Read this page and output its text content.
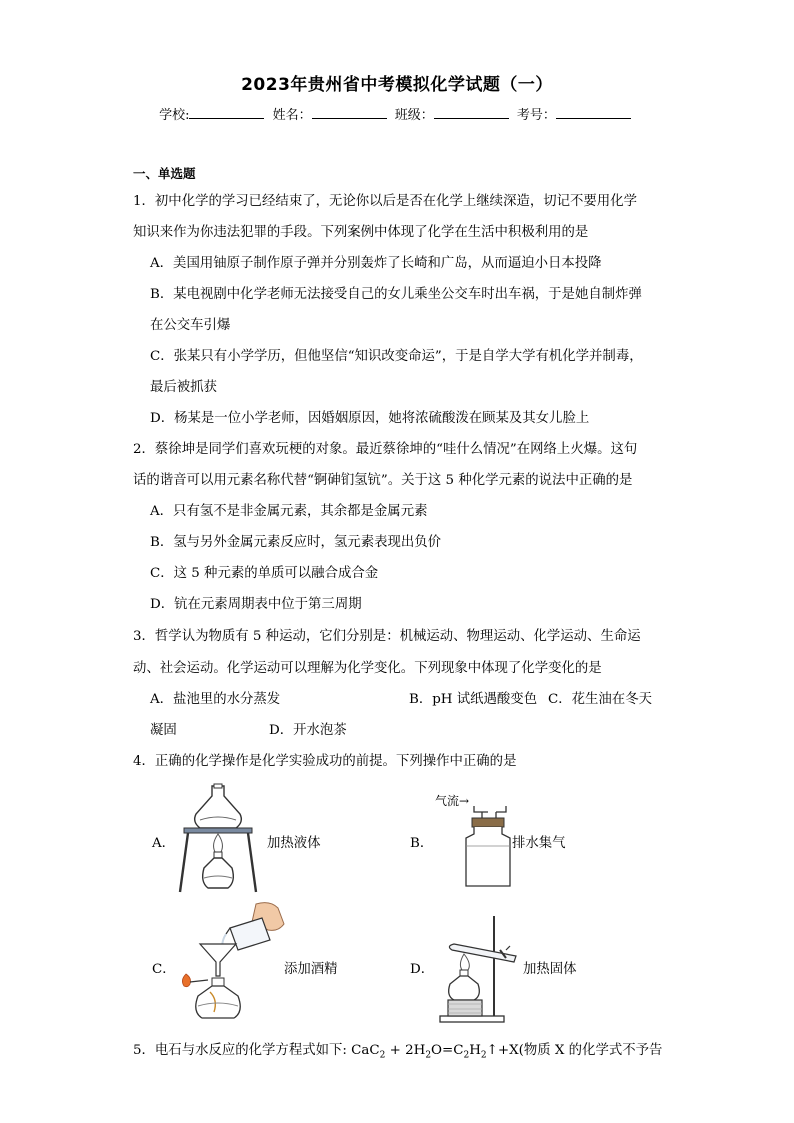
2023年贵州省中考模拟化学试题（一）
学校:	姓名：	班级：	考号：
一、单选题
1．初中化学的学习已经结束了，无论你以后是否在化学上继续深造，切记不要用化学
知识来作为你违法犯罪的手段。下列案例中体现了化学在生活中积极利用的是
A．美国用铀原子制作原子弹并分别轰炸了长崎和广岛，从而逼迫小日本投降
B．某电视剧中化学老师无法接受自己的女儿乘坐公交车时出车祸，于是她自制炸弹
在公交车引爆
C．张某只有小学学历，但他坚信“知识改变命运”，于是自学大学有机化学并制毒，
最后被抓获
D．杨某是一位小学老师，因婚姻原因，她将浓硫酸泼在顾某及其女儿脸上
2．蔡徐坤是同学们喜欢玩梗的对象。最近蔡徐坤的“哇什么情况”在网络上火爆。这句
话的谐音可以用元素名称代替“锕砷钔氢钪”。关于这 5 种化学元素的说法中正确的是
A．只有氢不是非金属元素，其余都是金属元素
B．氢与另外金属元素反应时，氢元素表现出负价
C．这 5 种元素的单质可以融合成合金
D．钪在元素周期表中位于第三周期
3．哲学认为物质有 5 种运动，它们分别是：机械运动、物理运动、化学运动、生命运
动、社会运动。化学运动可以理解为化学变化。下列现象中体现了化学变化的是
A．盐池里的水分蒸发	B．pH 试纸遇酸变色 C．花生油在冬天
凝固	D．开水泡茶
4．正确的化学操作是化学实验成功的前提。下列操作中正确的是
A．	加热液体	B．
气流→
排水集气
C．	添加酒精	D．	加热固体
5．电石与水反应的化学方程式如下: $CaC_2 + 2H_2O=C_2H_2↑+X$(物质 X 的化学式不予告
